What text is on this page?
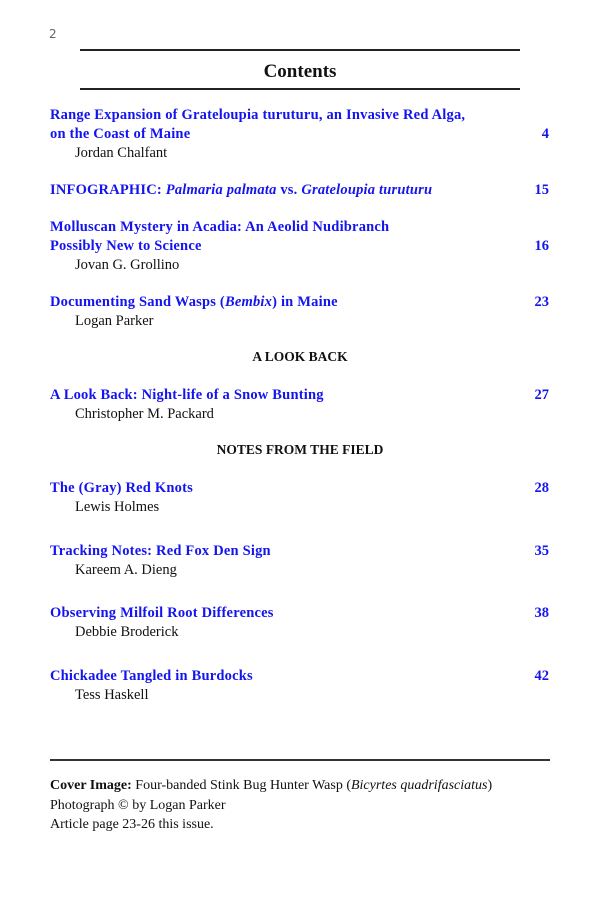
2
Contents
Range Expansion of Grateloupia turuturu, an Invasive Red Alga,
on the Coast of Maine	4
Jordan Chalfant
INFOGRAPHIC: Palmaria palmata vs. Grateloupia turuturu	15
Molluscan Mystery in Acadia: An Aeolid Nudibranch
Possibly New to Science	16
Jovan G. Grollino
Documenting Sand Wasps (Bembix) in Maine	23
Logan Parker
A LOOK BACK
A Look Back: Night-life of a Snow Bunting	27
Christopher M. Packard
NOTES FROM THE FIELD
The (Gray) Red Knots	28
Lewis Holmes
Tracking Notes: Red Fox Den Sign	35
Kareem A. Dieng
Observing Milfoil Root Differences	38
Debbie Broderick
Chickadee Tangled in Burdocks	42
Tess Haskell
Cover Image: Four-banded Stink Bug Hunter Wasp (Bicyrtes quadrifasciatus)
Photograph © by Logan Parker
Article page 23-26 this issue.
